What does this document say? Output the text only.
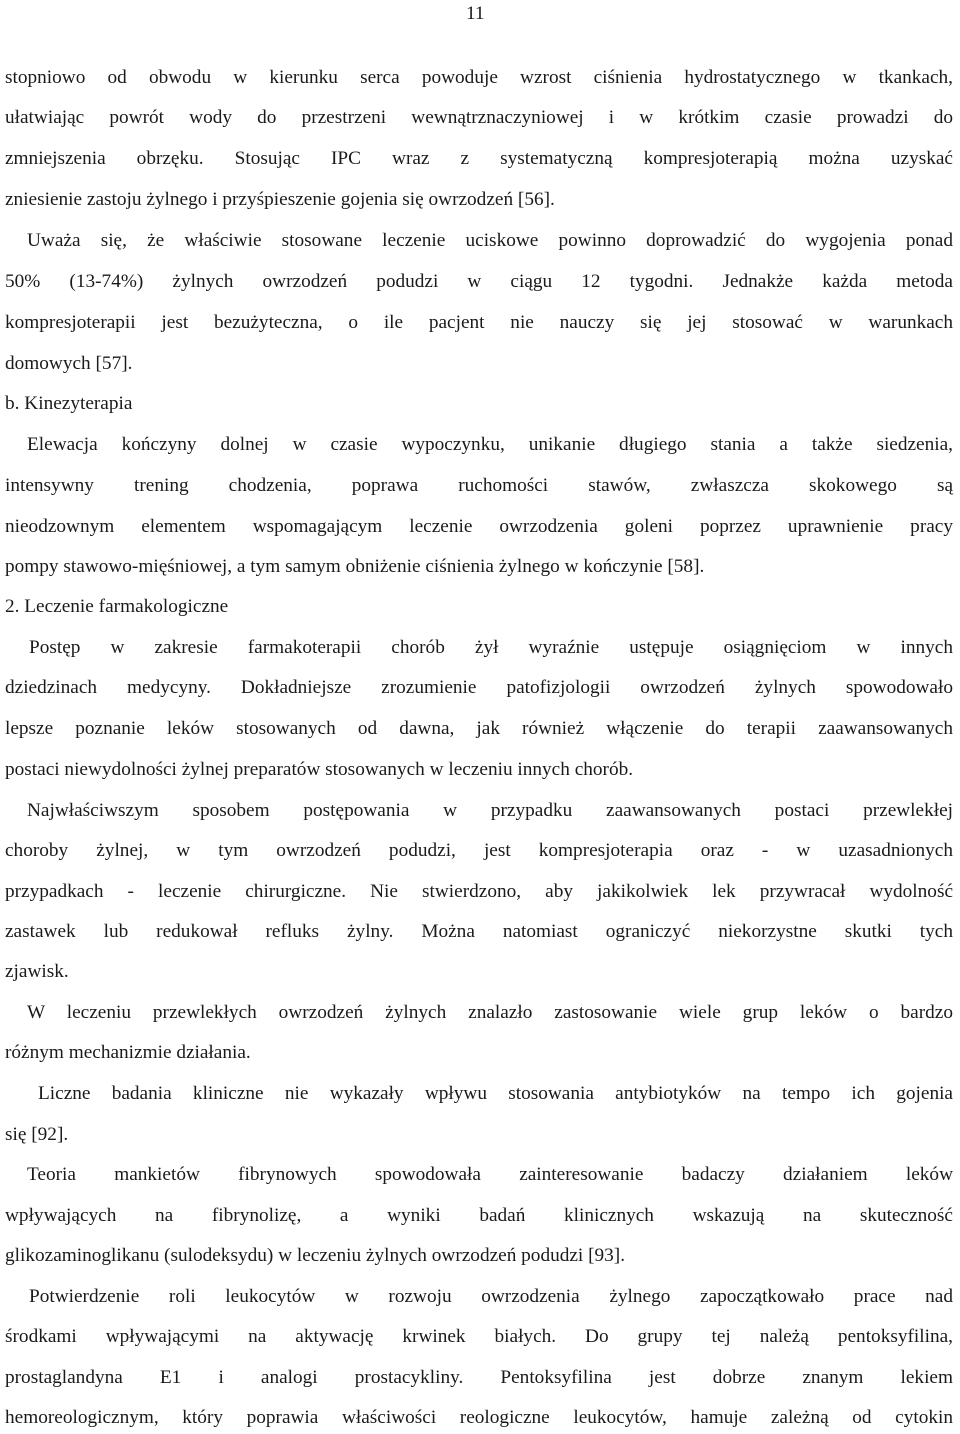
11
stopniowo od obwodu w kierunku serca powoduje wzrost ciśnienia hydrostatycznego w tkankach,
ułatwiając powrót wody do przestrzeni wewnątrznaczyniowej i w krótkim czasie prowadzi do
zmniejszenia obrzęku. Stosując IPC wraz z systematyczną kompresjoterapią można uzyskać
zniesienie zastoju żylnego i przyśpieszenie gojenia się owrzodzeń [56].
Uważa się, że właściwie stosowane leczenie uciskowe powinno doprowadzić do wygojenia ponad
50% (13-74%) żylnych owrzodzeń podudzi w ciągu 12 tygodni. Jednakże każda metoda
kompresjoterapii jest bezużyteczna, o ile pacjent nie nauczy się jej stosować w warunkach
domowych [57].
b. Kinezyterapia
Elewacja kończyny dolnej w czasie wypoczynku, unikanie długiego stania a także siedzenia,
intensywny trening chodzenia, poprawa ruchomości stawów, zwłaszcza skokowego są
nieodzownym elementem wspomagającym leczenie owrzodzenia goleni poprzez uprawnienie pracy
pompy stawowo-mięśniowej, a tym samym obniżenie ciśnienia żylnego w kończynie [58].
2. Leczenie farmakologiczne
Postęp w zakresie farmakoterapii chorób żył wyraźnie ustępuje osiągnięciom w innych
dziedzinach medycyny. Dokładniejsze zrozumienie patofizjologii owrzodzeń żylnych spowodowało
lepsze poznanie leków stosowanych od dawna, jak również włączenie do terapii zaawansowanych
postaci niewydolności żylnej preparatów stosowanych w leczeniu innych chorób.
Najwłaściwszym sposobem postępowania w przypadku zaawansowanych postaci przewlekłej
choroby żylnej, w tym owrzodzeń podudzi, jest kompresjoterapia oraz - w uzasadnionych
przypadkach - leczenie chirurgiczne. Nie stwierdzono, aby jakikolwiek lek przywracał wydolność
zastawek lub redukował refluks żylny. Można natomiast ograniczyć niekorzystne skutki tych
zjawisk.
W leczeniu przewlekłych owrzodzeń żylnych znalazło zastosowanie wiele grup leków o bardzo
różnym mechanizmie działania.
Liczne badania kliniczne nie wykazały wpływu stosowania antybiotyków na tempo ich gojenia
się [92].
Teoria mankietów fibrynowych spowodowała zainteresowanie badaczy działaniem leków
wpływających na fibrynolizę, a wyniki badań klinicznych wskazują na skuteczność
glikozaminoglikanu (sulodeksydu) w leczeniu żylnych owrzodzeń podudzi [93].
Potwierdzenie roli leukocytów w rozwoju owrzodzenia żylnego zapoczątkowało prace nad
środkami wpływającymi na aktywację krwinek białych. Do grupy tej należą pentoksyfilina,
prostaglandyna E1 i analogi prostacykliny. Pentoksyfilina jest dobrze znanym lekiem
hemoreologicznym, który poprawia właściwości reologiczne leukocytów, hamuje zależną od cytokin
